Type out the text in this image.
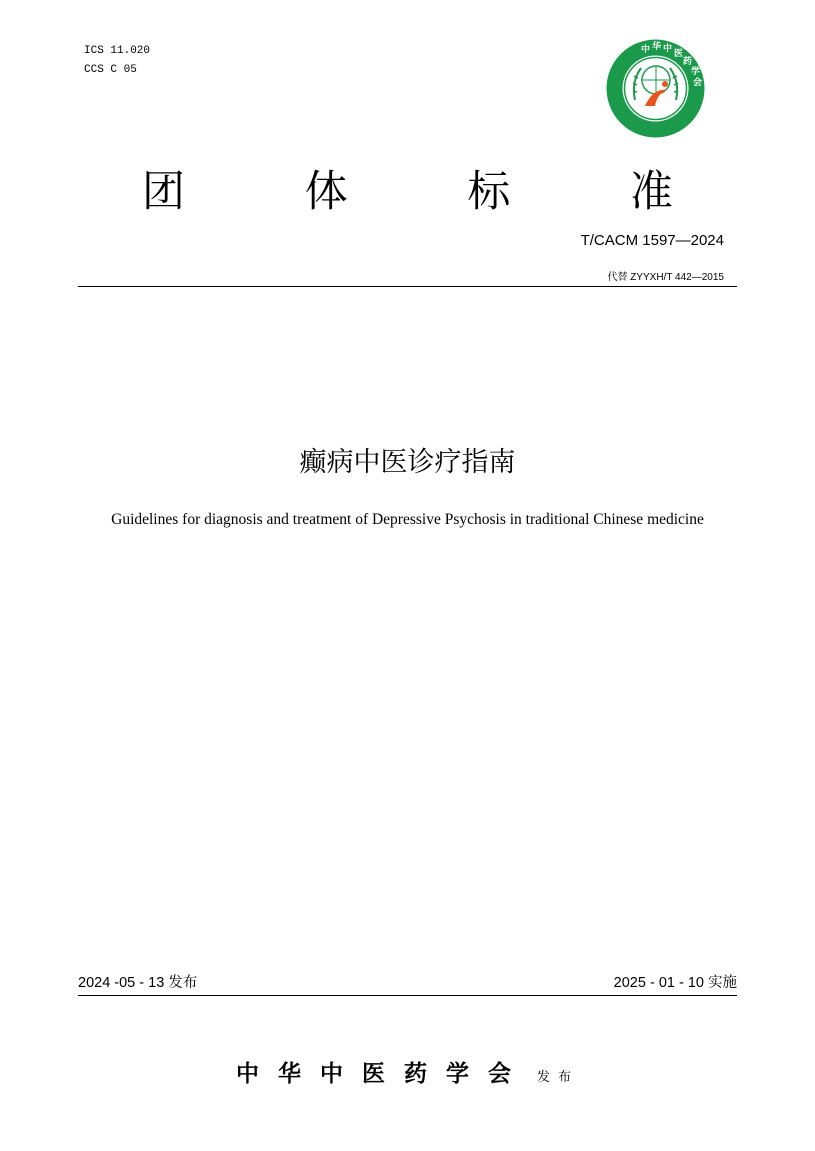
ICS 11.020
CCS C 05
中 华 中 医
药
学
会
团	体	标	准
T/CACM 1597—2024
代替 ZYYXH/T 442—2015
癫病中医诊疗指南
Guidelines for diagnosis and treatment of Depressive Psychosis in traditional Chinese medicine
2024 -05 - 13 发布	2025 - 01 - 10 实施
中华中医药学会 发布
